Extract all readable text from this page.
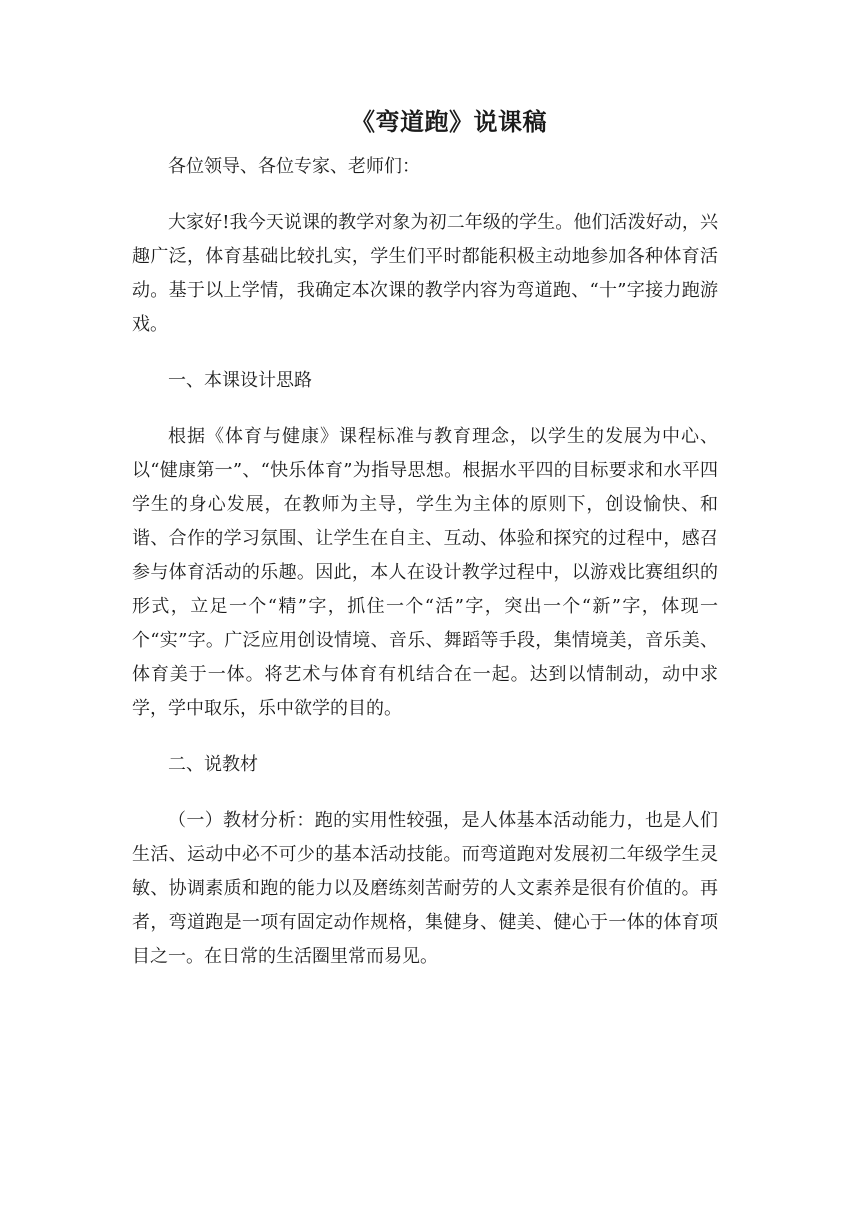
《弯道跑》说课稿

各位领导、各位专家、老师们：

大家好!我今天说课的教学对象为初二年级的学生。他们活泼好动，兴趣广泛，体育基础比较扎实，学生们平时都能积极主动地参加各种体育活动。基于以上学情，我确定本次课的教学内容为弯道跑、“十”字接力跑游戏。

一、本课设计思路

根据《体育与健康》课程标准与教育理念，以学生的发展为中心、以“健康第一”、“快乐体育”为指导思想。根据水平四的目标要求和水平四学生的身心发展，在教师为主导，学生为主体的原则下，创设愉快、和谐、合作的学习氛围、让学生在自主、互动、体验和探究的过程中，感召参与体育活动的乐趣。因此，本人在设计教学过程中，以游戏比赛组织的形式，立足一个“精”字，抓住一个“活”字，突出一个“新”字，体现一个“实”字。广泛应用创设情境、音乐、舞蹈等手段，集情境美，音乐美、体育美于一体。将艺术与体育有机结合在一起。达到以情制动，动中求学，学中取乐，乐中欲学的目的。

二、说教材

（一）教材分析：跑的实用性较强，是人体基本活动能力，也是人们生活、运动中必不可少的基本活动技能。而弯道跑对发展初二年级学生灵敏、协调素质和跑的能力以及磨练刻苦耐劳的人文素养是很有价值的。再者，弯道跑是一项有固定动作规格，集健身、健美、健心于一体的体育项目之一。在日常的生活圈里常而易见。
